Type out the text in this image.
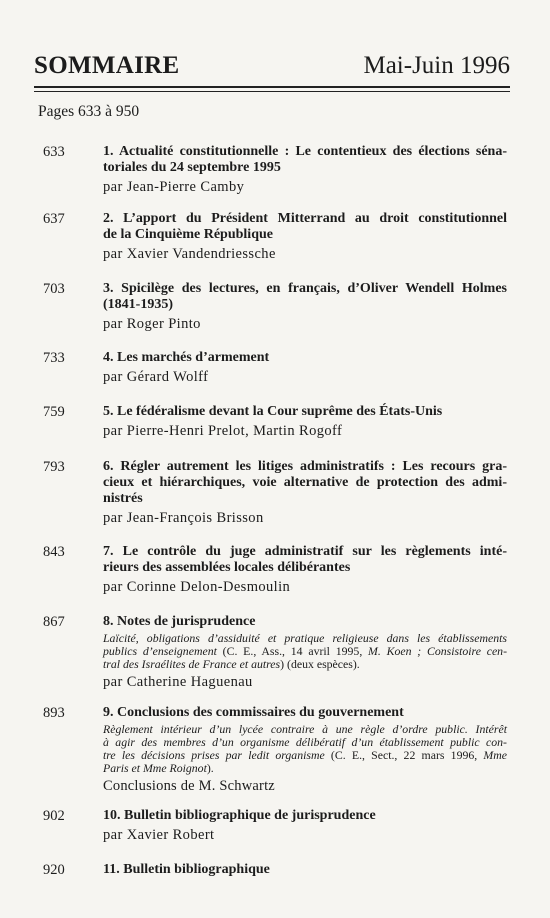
SOMMAIRE	Mai-Juin 1996
Pages 633 à 950
633	1. Actualité constitutionnelle : Le contentieux des élections séna-
toriales du 24 septembre 1995
par Jean-Pierre Camby
637	2. L’apport du Président Mitterrand au droit constitutionnel
de la Cinquième République
par Xavier Vandendriessche
703	3. Spicilège des lectures, en français, d’Oliver Wendell Holmes
(1841-1935)
par Roger Pinto
733	4. Les marchés d’armement
par Gérard Wolff
759	5. Le fédéralisme devant la Cour suprême des États-Unis
par Pierre-Henri Prelot, Martin Rogoff
793	6. Régler autrement les litiges administratifs : Les recours gra-
cieux et hiérarchiques, voie alternative de protection des admi-
nistrés
par Jean-François Brisson
843	7. Le contrôle du juge administratif sur les règlements inté-
rieurs des assemblées locales délibérantes
par Corinne Delon-Desmoulin
867	8. Notes de jurisprudence
Laïcité, obligations d’assiduité et pratique religieuse dans les établissements
publics d’enseignement (C. E., Ass., 14 avril 1995, M. Koen ; Consistoire cen-
tral des Israélites de France et autres) (deux espèces).
par Catherine Haguenau
893	9. Conclusions des commissaires du gouvernement
Règlement intérieur d’un lycée contraire à une règle d’ordre public. Intérêt
à agir des membres d’un organisme délibératif d’un établissement public con-
tre les décisions prises par ledit organisme (C. E., Sect., 22 mars 1996, Mme
Paris et Mme Roignot).
Conclusions de M. Schwartz
902	10. Bulletin bibliographique de jurisprudence
par Xavier Robert
920	11. Bulletin bibliographique
